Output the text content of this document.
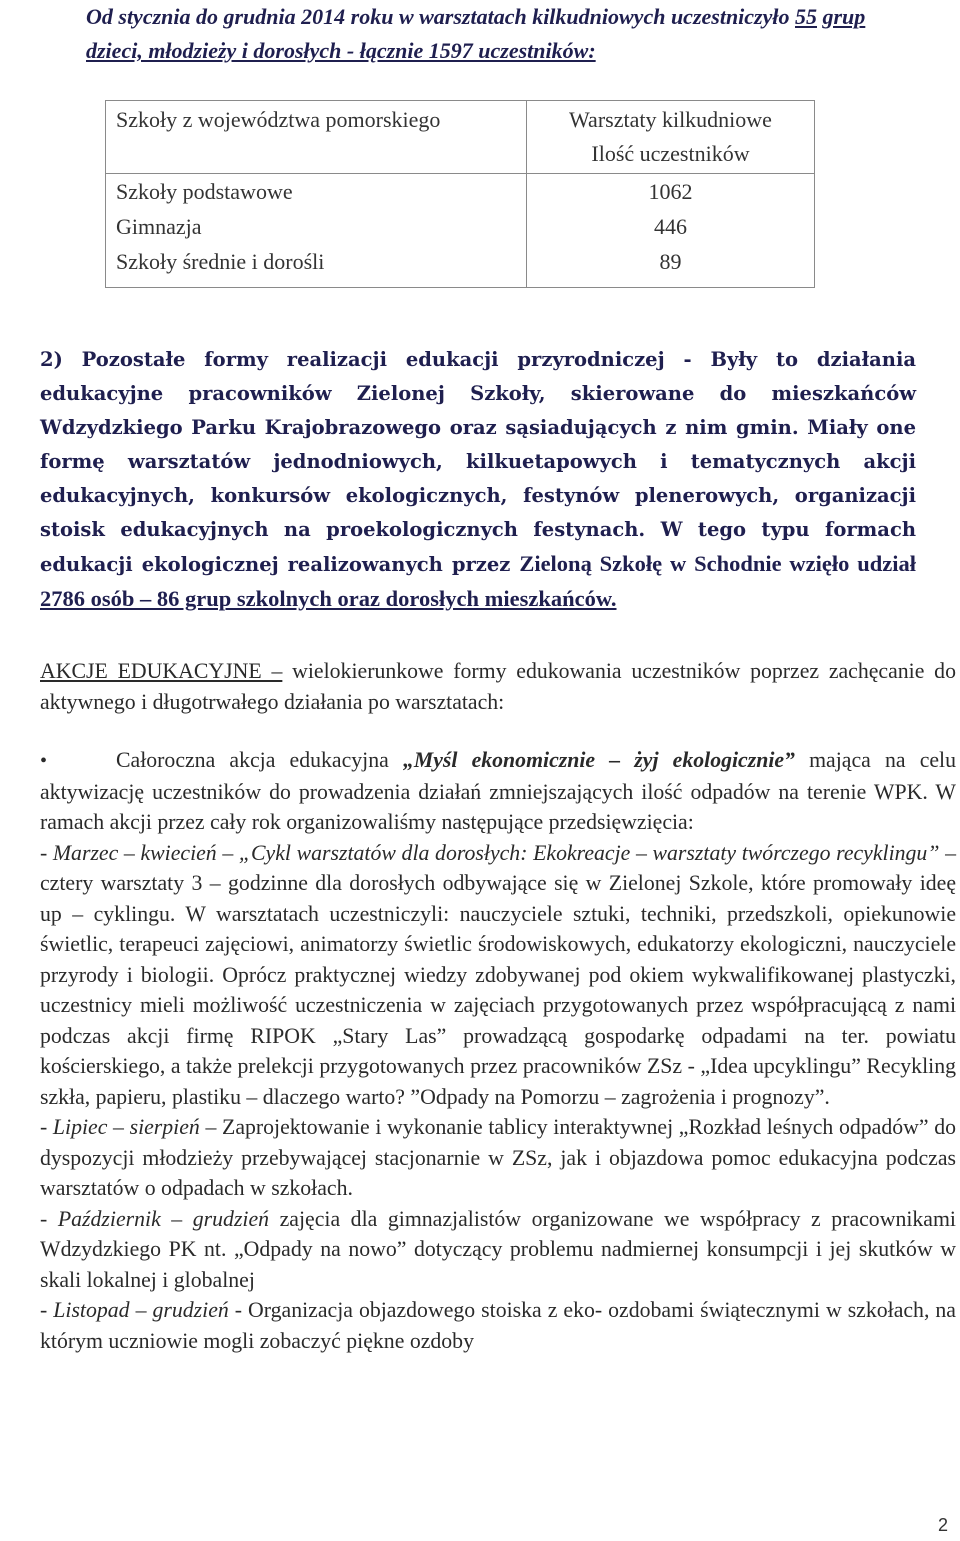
Od stycznia do grudnia 2014 roku w warsztatach kilkudniowych uczestniczyło 55 grup dzieci, młodzieży i dorosłych - łącznie 1597 uczestników:
Szkoły z województwa pomorskiego	Warsztaty kilkudniowe
Ilość uczestników

Szkoły podstawowe	1062
Gimnazja	446
Szkoły średnie i dorośli	89
2) Pozostałe formy realizacji edukacji przyrodniczej - Były to działania edukacyjne pracowników Zielonej Szkoły, skierowane do mieszkańców Wdzydzkiego Parku Krajobrazowego oraz sąsiadujących z nim gmin. Miały one formę warsztatów jednodniowych, kilkuetapowych i tematycznych akcji edukacyjnych, konkursów ekologicznych, festynów plenerowych, organizacji stoisk edukacyjnych na proekologicznych festynach. W tego typu formach edukacji ekologicznej realizowanych przez Zieloną Szkołę w Schodnie wzięło udział 2786 osób – 86 grup szkolnych oraz dorosłych mieszkańców.
AKCJE EDUKACYJNE – wielokierunkowe formy edukowania uczestników poprzez zachęcanie do aktywnego i długotrwałego działania po warsztatach:

•	Całoroczna akcja edukacyjna „Myśl ekonomicznie – żyj ekologicznie” mająca na celu aktywizację uczestników do prowadzenia działań zmniejszających ilość odpadów na terenie WPK. W ramach akcji przez cały rok organizowaliśmy następujące przedsięwzięcia:

- Marzec – kwiecień – „Cykl warsztatów dla dorosłych: Ekokreacje – warsztaty twórczego recyklingu” – cztery warsztaty 3 – godzinne dla dorosłych odbywające się w Zielonej Szkole, które promowały ideę up – cyklingu. W warsztatach uczestniczyli: nauczyciele sztuki, techniki, przedszkoli, opiekunowie świetlic, terapeuci zajęciowi, animatorzy świetlic środowiskowych, edukatorzy ekologiczni, nauczyciele przyrody i biologii. Oprócz praktycznej wiedzy zdobywanej pod okiem wykwalifikowanej plastyczki, uczestnicy mieli możliwość uczestniczenia w zajęciach przygotowanych przez współpracującą z nami podczas akcji firmę RIPOK „Stary Las” prowadzącą gospodarkę odpadami na ter. powiatu kościerskiego, a także prelekcji przygotowanych przez pracowników ZSz - „Idea upcyklingu” Recykling szkła, papieru, plastiku – dlaczego warto? ”Odpady na Pomorzu – zagrożenia i prognozy”.

- Lipiec – sierpień – Zaprojektowanie i wykonanie tablicy interaktywnej „Rozkład leśnych odpadów” do dyspozycji młodzieży przebywającej stacjonarnie w ZSz, jak i objazdowa pomoc edukacyjna podczas warsztatów o odpadach w szkołach.

- Październik – grudzień zajęcia dla gimnazjalistów organizowane we współpracy z pracownikami Wdzydzkiego PK nt. „Odpady na nowo” dotyczący problemu nadmiernej konsumpcji i jej skutków w skali lokalnej i globalnej

- Listopad – grudzień - Organizacja objazdowego stoiska z eko- ozdobami świątecznymi w szkołach, na którym uczniowie mogli zobaczyć piękne ozdoby

2
